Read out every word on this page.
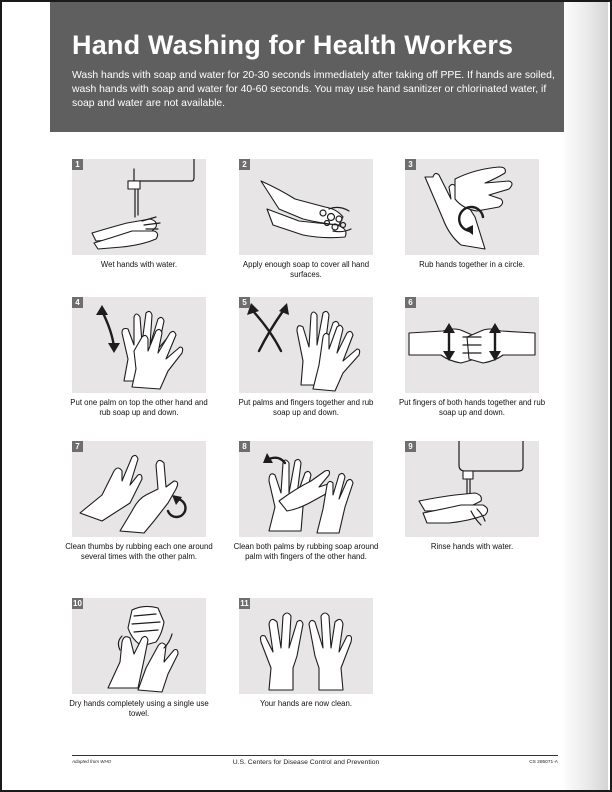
Hand Washing for Health Workers
Wash hands with soap and water for 20-30 seconds immediately after taking off PPE. If hands are soiled, wash hands with soap and water for 40-60 seconds. You may use hand sanitizer or chlorinated water, if soap and water are not available.
1
Wet hands with water.
2
Apply enough soap to cover all hand surfaces.
3
Rub hands together in a circle.
4
Put one palm on top the other hand and rub soap up and down.
5
Put palms and fingers together and rub soap up and down.
6
Put fingers of both hands together and rub soap up and down.
7
Clean thumbs by rubbing each one around several times with the other palm.
8
Clean both palms by rubbing soap around palm with fingers of the other hand.
9
Rinse hands with water.
10
Dry hands completely using a single use towel.
11
Your hands are now clean.
Adapted from WHO	U.S. Centers for Disease Control and Prevention	CS 285071-A
